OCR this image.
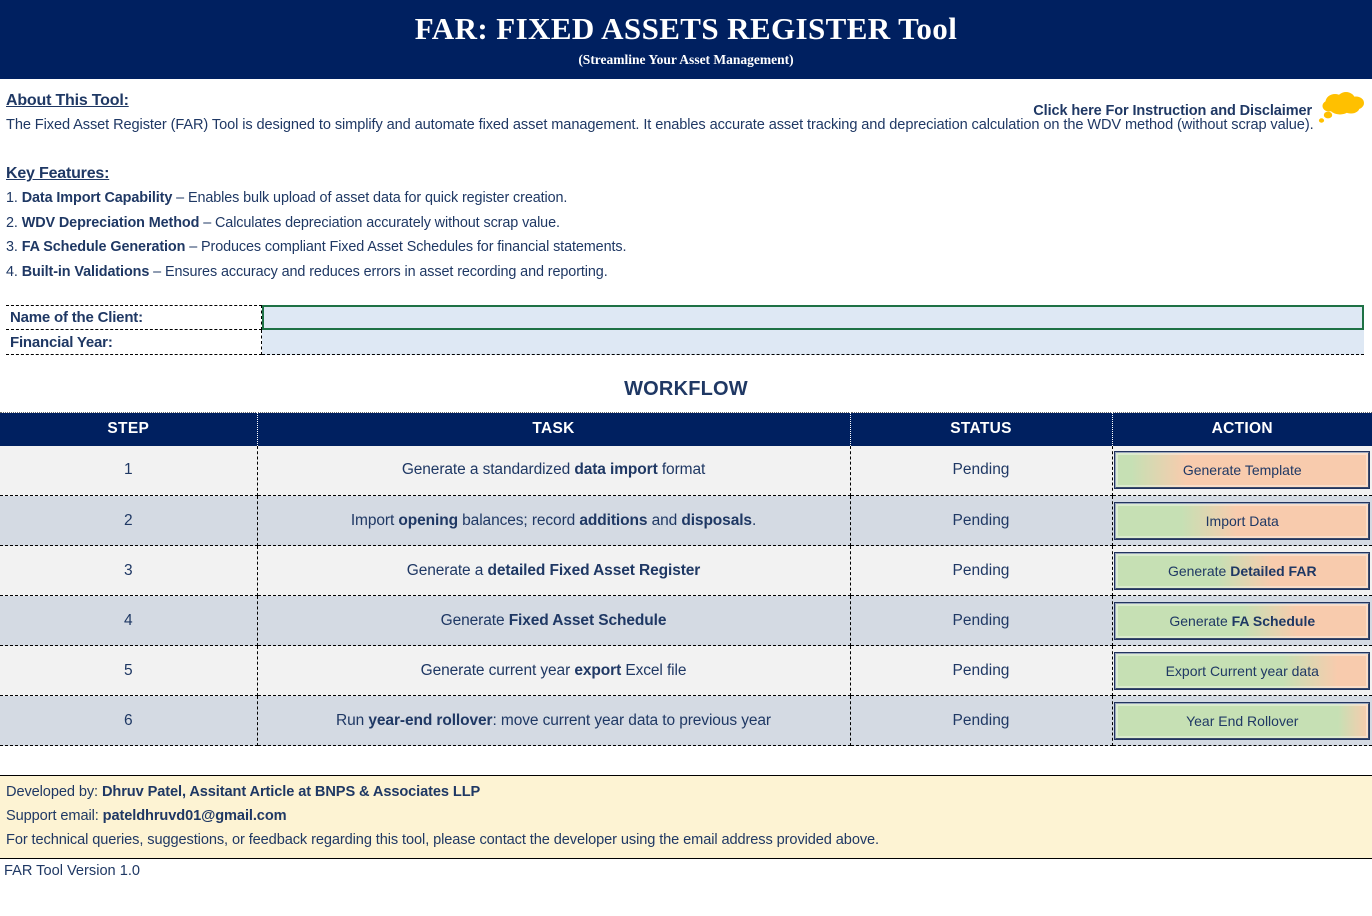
FAR: FIXED ASSETS REGISTER Tool
(Streamline Your Asset Management)
Click here For Instruction and Disclaimer
About This Tool:
The Fixed Asset Register (FAR) Tool is designed to simplify and automate fixed asset management. It enables accurate asset tracking and depreciation calculation on the WDV method (without scrap value).
Key Features:
1. Data Import Capability – Enables bulk upload of asset data for quick register creation.
2. WDV Depreciation Method – Calculates depreciation accurately without scrap value.
3. FA Schedule Generation – Produces compliant Fixed Asset Schedules for financial statements.
4. Built-in Validations – Ensures accuracy and reduces errors in asset recording and reporting.
Name of the Client:
Financial Year:
WORKFLOW
STEP	TASK	STATUS	ACTION
1	Generate a standardized data import format	Pending	Generate Template

2	Import opening balances; record additions and disposals.	Pending	Import Data

3	Generate a detailed Fixed Asset Register	Pending	Generate Detailed FAR

4	Generate Fixed Asset Schedule	Pending	Generate FA Schedule

5	Generate current year export Excel file	Pending	Export Current year data

6	Run year-end rollover: move current year data to previous year	Pending	Year End Rollover
Developed by: Dhruv Patel, Assitant Article at BNPS & Associates LLP
Support email: pateldhruvd01@gmail.com
For technical queries, suggestions, or feedback regarding this tool, please contact the developer using the email address provided above.
FAR Tool Version 1.0
